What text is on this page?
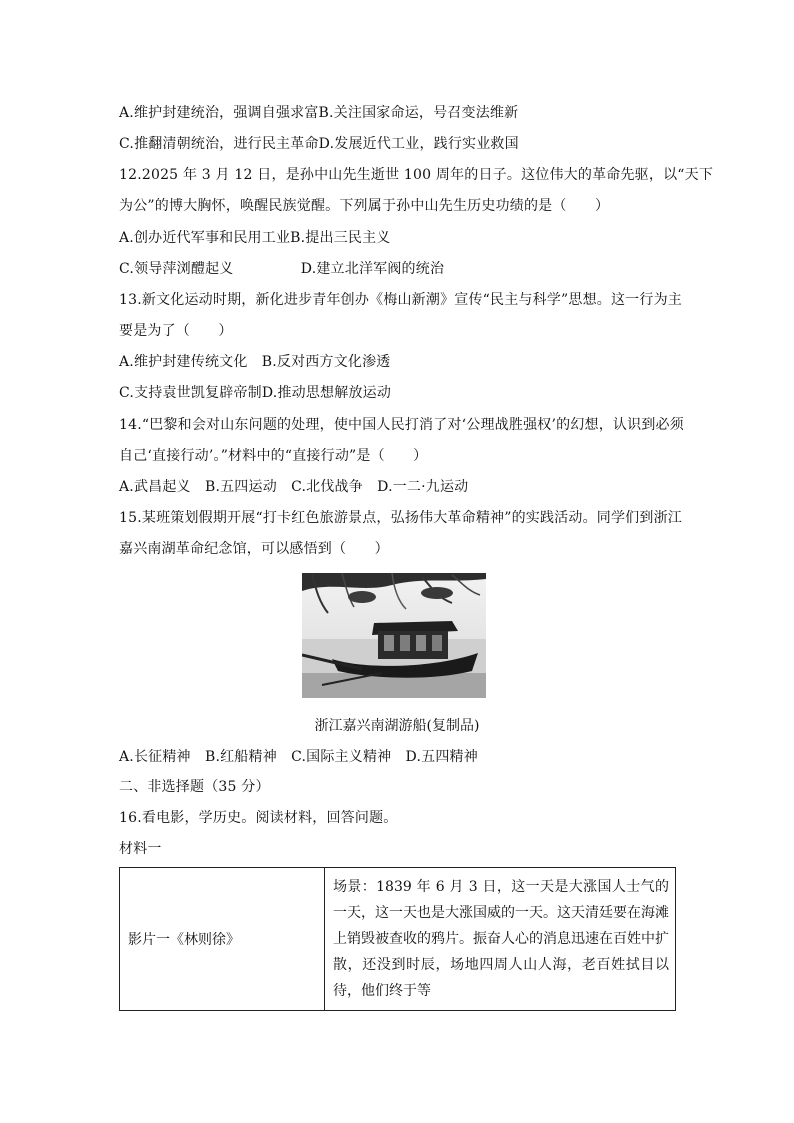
A.维护封建统治，强调自强求富B.关注国家命运，号召变法维新
C.推翻清朝统治，进行民主革命D.发展近代工业，践行实业救国
12.2025 年 3 月 12 日，是孙中山先生逝世 100 周年的日子。这位伟大的革命先驱，以“天下
为公”的博大胸怀，唤醒民族觉醒。下列属于孙中山先生历史功绩的是（　　）
A.创办近代军事和民用工业B.提出三民主义
C.领导萍浏醴起义	D.建立北洋军阀的统治
13.新文化运动时期，新化进步青年创办《梅山新潮》宣传“民主与科学”思想。这一行为主
要是为了（　　）
A.维护封建传统文化　B.反对西方文化渗透
C.支持袁世凯复辟帝制D.推动思想解放运动
14.“巴黎和会对山东问题的处理，使中国人民打消了对‘公理战胜强权’的幻想，认识到必须
自己‘直接行动’。”材料中的“直接行动”是（　　）
A.武昌起义　B.五四运动　C.北伐战争　D.一二·九运动
15.某班策划假期开展“打卡红色旅游景点，弘扬伟大革命精神”的实践活动。同学们到浙江
嘉兴南湖革命纪念馆，可以感悟到（　　）
浙江嘉兴南湖游船(复制品)
A.长征精神　B.红船精神　C.国际主义精神　D.五四精神
二、非选择题（35 分）
16.看电影，学历史。阅读材料，回答问题。
材料一
影片一《林则徐》	场景：1839 年 6 月 3 日，这一天是大涨国人士气的一天，这一天也是大涨国威的一天。这天清廷要在海滩上销毁被查收的鸦片。振奋人心的消息迅速在百姓中扩散，还没到时辰，场地四周人山人海，老百姓拭目以待，他们终于等
